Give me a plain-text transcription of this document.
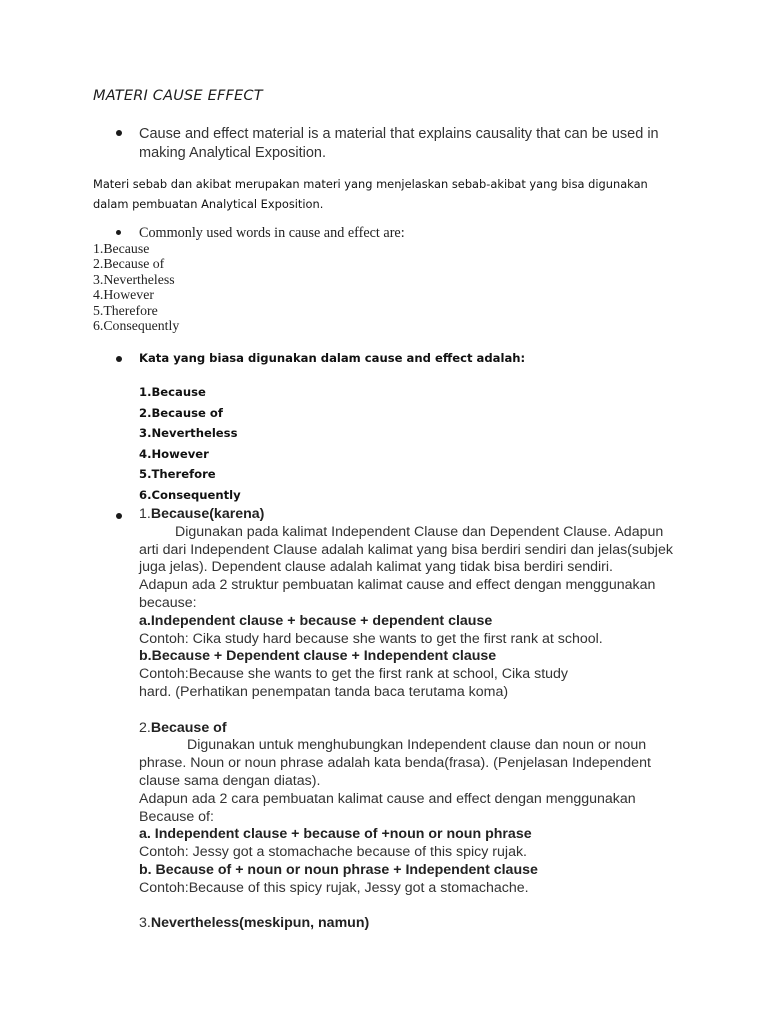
MATERI CAUSE EFFECT
Cause and effect material is a material that explains causality that can be used in
making Analytical Exposition.
Materi sebab dan akibat merupakan materi yang menjelaskan sebab-akibat yang bisa digunakan
dalam pembuatan Analytical Exposition.
Commonly used words in cause and effect are:
1.Because
2.Because of
3.Nevertheless
4.However
5.Therefore
6.Consequently
Kata yang biasa digunakan dalam cause and effect adalah:
1.Because
2.Because of
3.Nevertheless
4.However
5.Therefore
6.Consequently
1.Because(karena)
Digunakan pada kalimat Independent Clause dan Dependent Clause. Adapun
arti dari Independent Clause adalah kalimat yang bisa berdiri sendiri dan jelas(subjek
juga jelas). Dependent clause adalah kalimat yang tidak bisa berdiri sendiri.
Adapun ada 2 struktur pembuatan kalimat cause and effect dengan menggunakan
because:
a.Independent clause + because + dependent clause
Contoh: Cika study hard because she wants to get the first rank at school.
b.Because + Dependent clause + Independent clause
Contoh:Because she wants to get the first rank at school, Cika study
hard. (Perhatikan penempatan tanda baca terutama koma)
2.Because of
Digunakan untuk menghubungkan Independent clause dan noun or noun
phrase. Noun or noun phrase adalah kata benda(frasa). (Penjelasan Independent
clause sama dengan diatas).
Adapun ada 2 cara pembuatan kalimat cause and effect dengan menggunakan
Because of:
a. Independent clause + because of +noun or noun phrase
Contoh: Jessy got a stomachache because of this spicy rujak.
b. Because of + noun or noun phrase + Independent clause
Contoh:Because of this spicy rujak, Jessy got a stomachache.
3.Nevertheless(meskipun, namun)
